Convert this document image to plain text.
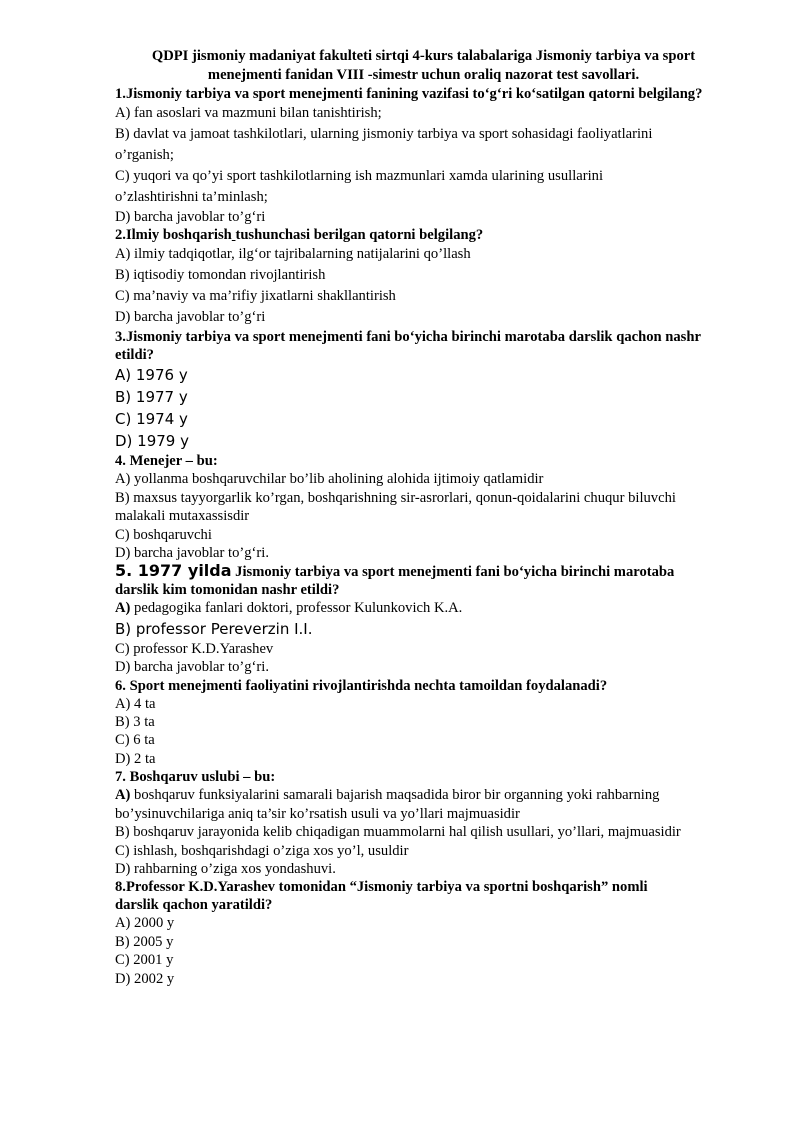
QDPI jismoniy madaniyat fakulteti sirtqi 4-kurs talabalariga Jismoniy tarbiya va sport
menejmenti fanidan VIII -simestr uchun oraliq nazorat test savollari.
1.Jismoniy tarbiya va sport menejmenti fanining vazifasi to‘g‘ri ko‘satilgan qatorni belgilang?
A) fan asoslari va mazmuni bilan tanishtirish;
B) davlat va jamoat tashkilotlari, ularning jismoniy tarbiya va sport sohasidagi faoliyatlarini
o’rganish;
C) yuqori va qo’yi sport tashkilotlarning ish mazmunlari xamda ularining usullarini
o’zlashtirishni ta’minlash;
D) barcha javoblar to’g‘ri
2.Ilmiy boshqarish tushunchasi berilgan qatorni belgilang?
A) ilmiy tadqiqotlar, ilg‘or tajribalarning natijalarini qo’llash
B) iqtisodiy tomondan rivojlantirish
C) ma’naviy va ma’rifiy jixatlarni shakllantirish
D) barcha javoblar to’g‘ri
3.Jismoniy tarbiya va sport menejmenti fani bo‘yicha birinchi marotaba darslik qachon nashr etildi?
A) 1976 y
B) 1977 y
C) 1974 y
D) 1979 y
4. Menejer – bu:
A) yollanma boshqaruvchilar bo’lib aholining alohida ijtimoiy qatlamidir
B) maxsus tayyorgarlik ko’rgan, boshqarishning sir-asrorlari, qonun-qoidalarini chuqur biluvchi
malakali mutaxassisdir
C) boshqaruvchi
D) barcha javoblar to’g‘ri.
5. 1977 yilda Jismoniy tarbiya va sport menejmenti fani bo‘yicha birinchi marotaba
darslik kim tomonidan nashr etildi?
A) pedagogika fanlari doktori, professor Kulunkovich K.A.
B) professor Pereverzin I.I.
C) professor K.D.Yarashev
D) barcha javoblar to’g‘ri.
6. Sport menejmenti faoliyatini rivojlantirishda nechta tamoildan foydalanadi?
A) 4 ta
B) 3 ta
C) 6 ta
D) 2 ta
7. Boshqaruv uslubi – bu:
A) boshqaruv funksiyalarini samarali bajarish maqsadida biror bir organning yoki rahbarning
bo’ysinuvchilariga aniq ta’sir ko’rsatish usuli va yo’llari majmuasidir
B) boshqaruv jarayonida kelib chiqadigan muammolarni hal qilish usullari, yo’llari, majmuasidir
C) ishlash, boshqarishdagi o’ziga xos yo’l, usuldir
D) rahbarning o’ziga xos yondashuvi.
8.Professor K.D.Yarashev tomonidan “Jismoniy tarbiya va sportni boshqarish” nomli
darslik qachon yaratildi?
A) 2000 y
B) 2005 y
C) 2001 y
D) 2002 y
